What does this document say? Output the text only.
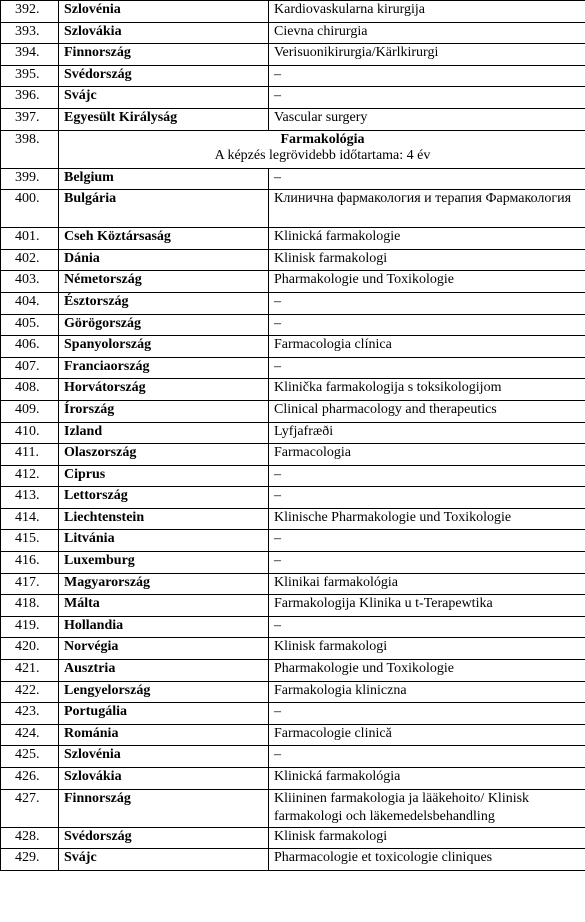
392.	Szlovénia	Kardiovaskularna kirurgija
393.	Szlovákia	Cievna chirurgia
394.	Finnország	Verisuonikirurgia/Kärlkirurgi
395.	Svédország	–
396.	Svájc	–
397.	Egyesült Királyság	Vascular surgery
398.	Farmakológia
A képzés legrövidebb időtartama: 4 év	

399.	Belgium	–
400.	Bulgária	Клинична фармакология и терапия Фармакология
401.	Cseh Köztársaság	Klinická farmakologie
402.	Dánia	Klinisk farmakologi
403.	Németország	Pharmakologie und Toxikologie
404.	Észtország	–
405.	Görögország	–
406.	Spanyolország	Farmacologia clínica
407.	Franciaország	–
408.	Horvátország	Klinička farmakologija s toksikologijom
409.	Írország	Clinical pharmacology and therapeutics
410.	Izland	Lyfjafræði
411.	Olaszország	Farmacologia
412.	Ciprus	–
413.	Lettország	–
414.	Liechtenstein	Klinische Pharmakologie und Toxikologie
415.	Litvánia	–
416.	Luxemburg	–
417.	Magyarország	Klinikai farmakológia
418.	Málta	Farmakologija Klinika u t-Terapewtika
419.	Hollandia	–
420.	Norvégia	Klinisk farmakologi
421.	Ausztria	Pharmakologie und Toxikologie
422.	Lengyelország	Farmakologia kliniczna
423.	Portugália	–
424.	Románia	Farmacologie clinică
425.	Szlovénia	–
426.	Szlovákia	Klinická farmakológia
427.	Finnország	Kliininen farmakologia ja lääkehoito/ Klinisk farmakologi och läkemedelsbehandling
428.	Svédország	Klinisk farmakologi
429.	Svájc	Pharmacologie et toxicologie cliniques
